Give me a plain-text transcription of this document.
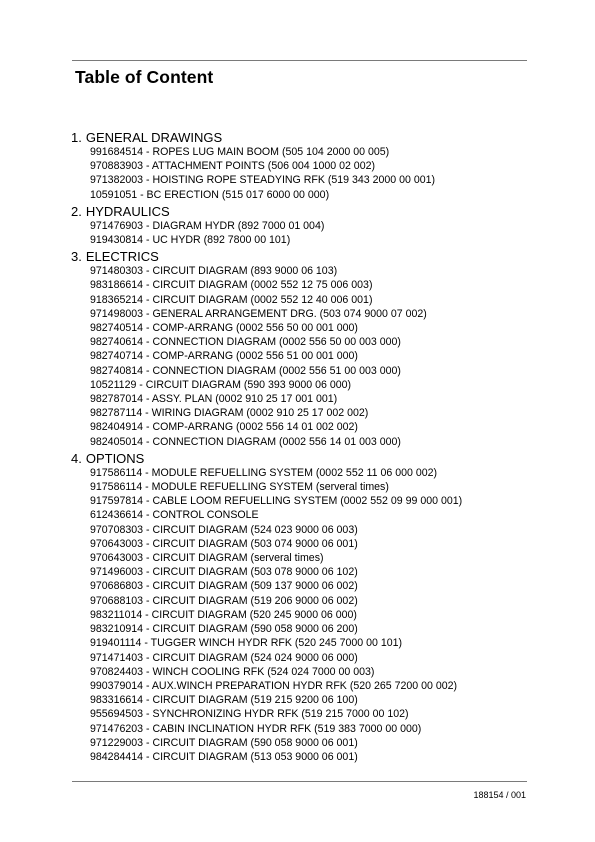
Table of Content
1. GENERAL DRAWINGS
991684514 - ROPES LUG MAIN BOOM (505 104 2000 00 005)
970883903 - ATTACHMENT POINTS (506 004 1000 02 002)
971382003 - HOISTING ROPE STEADYING RFK (519 343 2000 00 001)
10591051 - BC ERECTION (515 017 6000 00 000)
2. HYDRAULICS
971476903 - DIAGRAM HYDR (892 7000 01 004)
919430814 - UC HYDR (892 7800 00 101)
3. ELECTRICS
971480303 - CIRCUIT DIAGRAM (893 9000 06 103)
983186614 - CIRCUIT DIAGRAM (0002 552 12 75 006 003)
918365214 - CIRCUIT DIAGRAM (0002 552 12 40 006 001)
971498003 - GENERAL ARRANGEMENT DRG. (503 074 9000 07 002)
982740514 - COMP-ARRANG (0002 556 50 00 001 000)
982740614 - CONNECTION DIAGRAM (0002 556 50 00 003 000)
982740714 - COMP-ARRANG (0002 556 51 00 001 000)
982740814 - CONNECTION DIAGRAM (0002 556 51 00 003 000)
10521129 - CIRCUIT DIAGRAM (590 393 9000 06 000)
982787014 - ASSY. PLAN (0002 910 25 17 001 001)
982787114 - WIRING DIAGRAM (0002 910 25 17 002 002)
982404914 - COMP-ARRANG (0002 556 14 01 002 002)
982405014 - CONNECTION DIAGRAM (0002 556 14 01 003 000)
4. OPTIONS
917586114 - MODULE REFUELLING SYSTEM (0002 552 11 06 000 002)
917586114 - MODULE REFUELLING SYSTEM (serveral times)
917597814 - CABLE LOOM REFUELLING SYSTEM (0002 552 09 99 000 001)
612436614 - CONTROL CONSOLE
970708303 - CIRCUIT DIAGRAM (524 023 9000 06 003)
970643003 - CIRCUIT DIAGRAM (503 074 9000 06 001)
970643003 - CIRCUIT DIAGRAM (serveral times)
971496003 - CIRCUIT DIAGRAM (503 078 9000 06 102)
970686803 - CIRCUIT DIAGRAM (509 137 9000 06 002)
970688103 - CIRCUIT DIAGRAM (519 206 9000 06 002)
983211014 - CIRCUIT DIAGRAM (520 245 9000 06 000)
983210914 - CIRCUIT DIAGRAM (590 058 9000 06 200)
919401114 - TUGGER WINCH HYDR RFK (520 245 7000 00 101)
971471403 - CIRCUIT DIAGRAM (524 024 9000 06 000)
970824403 - WINCH COOLING RFK (524 024 7000 00 003)
990379014 - AUX.WINCH PREPARATION HYDR RFK (520 265 7200 00 002)
983316614 - CIRCUIT DIAGRAM (519 215 9200 06 100)
955694503 - SYNCHRONIZING HYDR RFK (519 215 7000 00 102)
971476203 - CABIN INCLINATION HYDR RFK (519 383 7000 00 000)
971229003 - CIRCUIT DIAGRAM (590 058 9000 06 001)
984284414 - CIRCUIT DIAGRAM (513 053 9000 06 001)
188154 / 001
